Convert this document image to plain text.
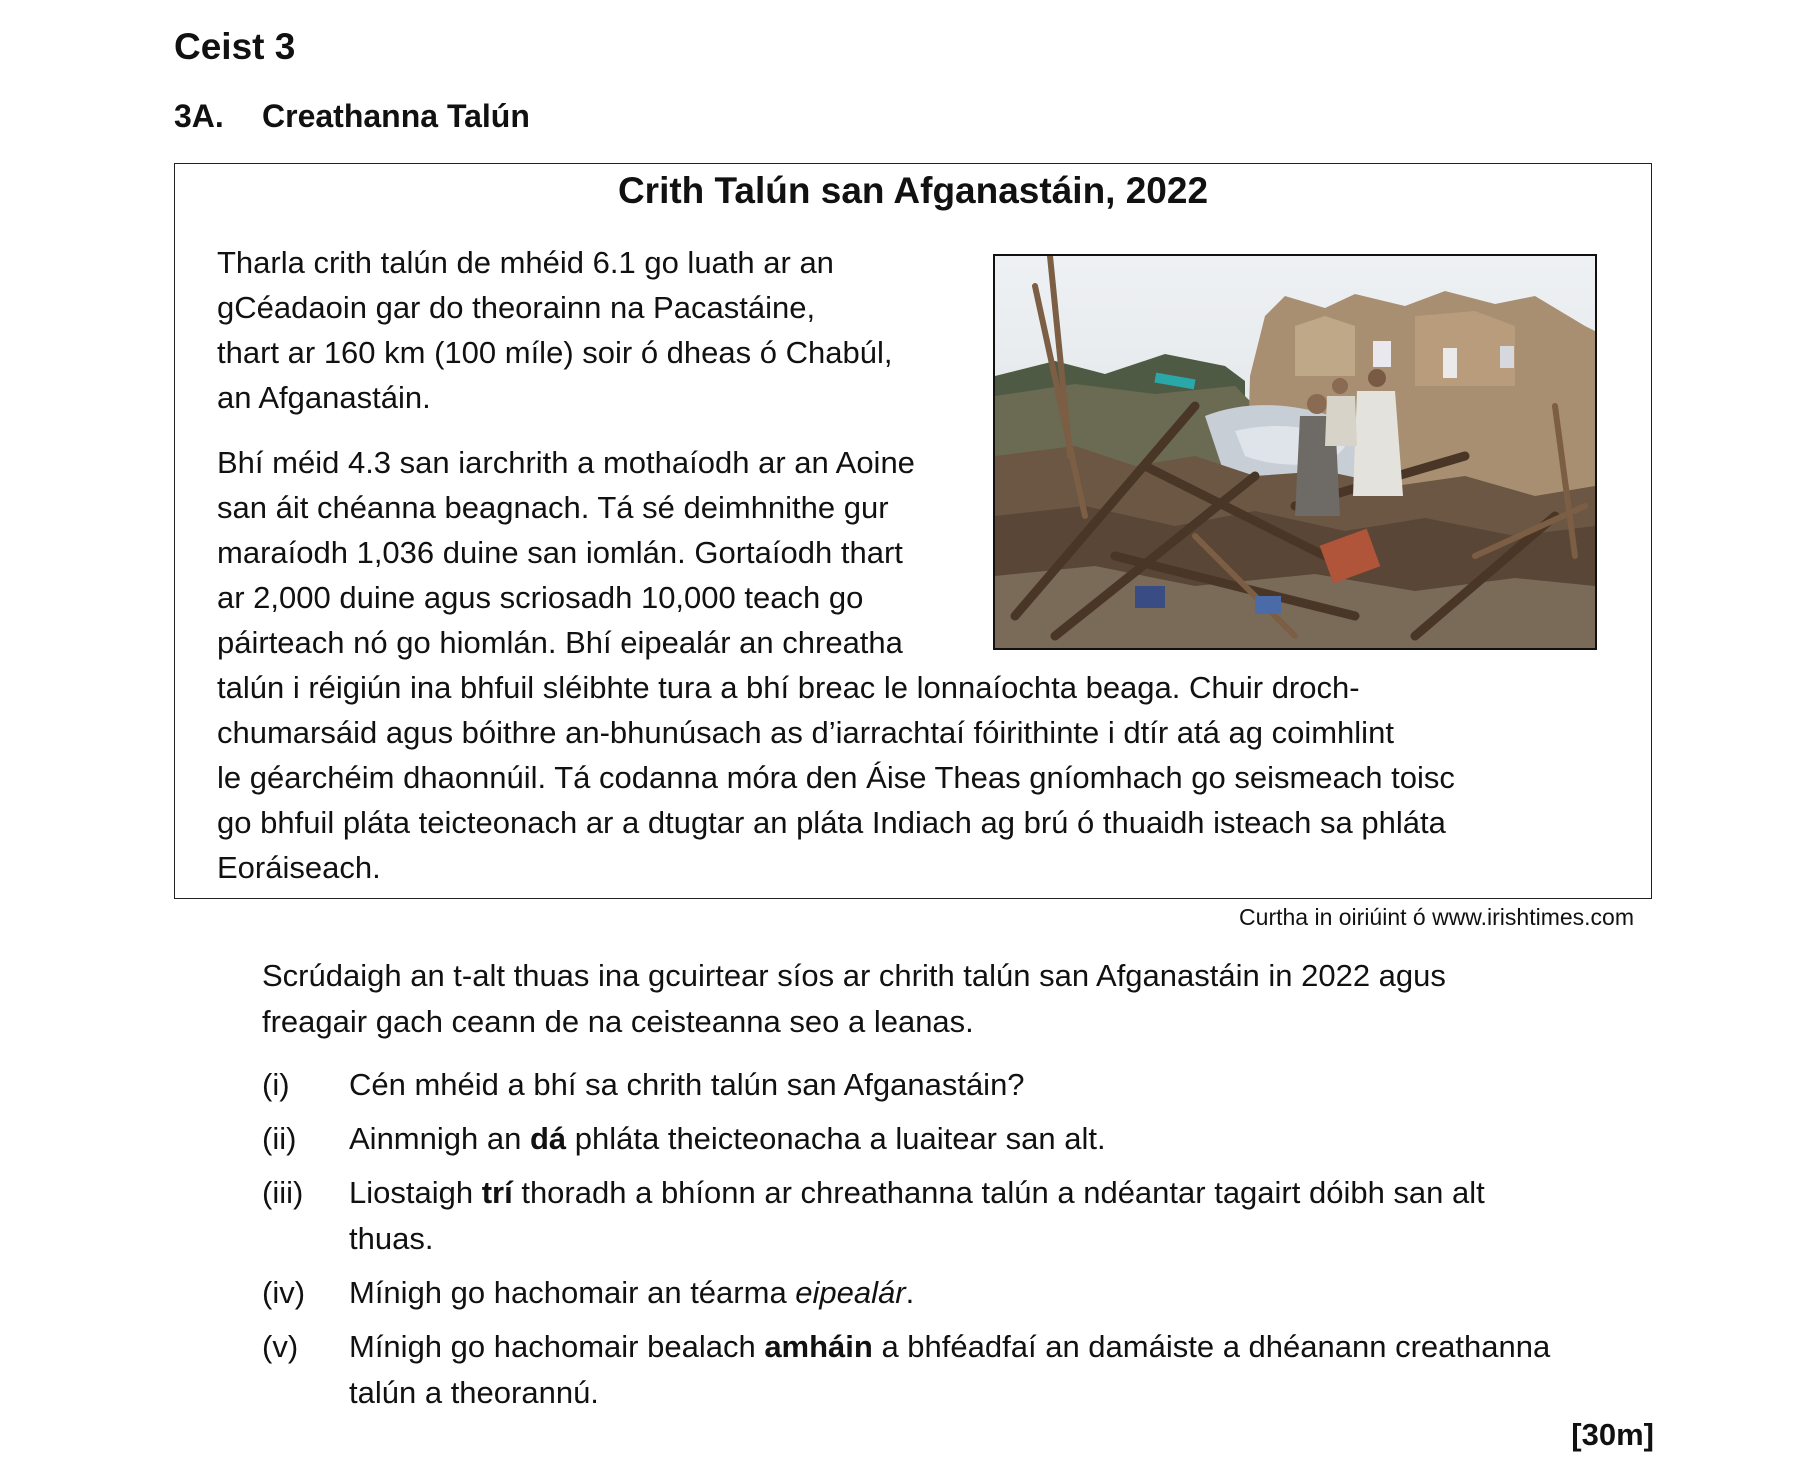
Ceist 3
3A. Creathanna Talún
Crith Talún san Afganastáin, 2022

Tharla crith talún de mhéid 6.1 go luath ar an
gCéadaoin gar do theorainn na Pacastáine,
thart ar 160 km (100 míle) soir ó dheas ó Chabúl,
an Afganastáin.

Bhí méid 4.3 san iarchrith a mothaíodh ar an Aoine
san áit chéanna beagnach. Tá sé deimhnithe gur
maraíodh 1,036 duine san iomlán. Gortaíodh thart
ar 2,000 duine agus scriosadh 10,000 teach go
páirteach nó go hiomlán. Bhí eipealár an chreatha
talún i réigiún ina bhfuil sléibhte tura a bhí breac le lonnaíochta beaga. Chuir droch-
chumarsáid agus bóithre an-bhunúsach as d’iarrachtaí fóirithinte i dtír atá ag coimhlint
le géarchéim dhaonnúil. Tá codanna móra den Áise Theas gníomhach go seismeach toisc
go bhfuil pláta teicteonach ar a dtugtar an pláta Indiach ag brú ó thuaidh isteach sa phláta
Eoráiseach.

Curtha in oiriúint ó www.irishtimes.com

Scrúdaigh an t-alt thuas ina gcuirtear síos ar chrith talún san Afganastáin in 2022 agus
freagair gach ceann de na ceisteanna seo a leanas.

(i) Cén mhéid a bhí sa chrith talún san Afganastáin?
(ii) Ainmnigh an dá phláta theicteonacha a luaitear san alt.
(iii) Liostaigh trí thoradh a bhíonn ar chreathanna talún a ndéantar tagairt dóibh san alt
thuas.
(iv) Mínigh go hachomair an téarma eipealár.
(v) Mínigh go hachomair bealach amháin a bhféadfaí an damáiste a dhéanann creathanna
talún a theorannú.

[30m]
